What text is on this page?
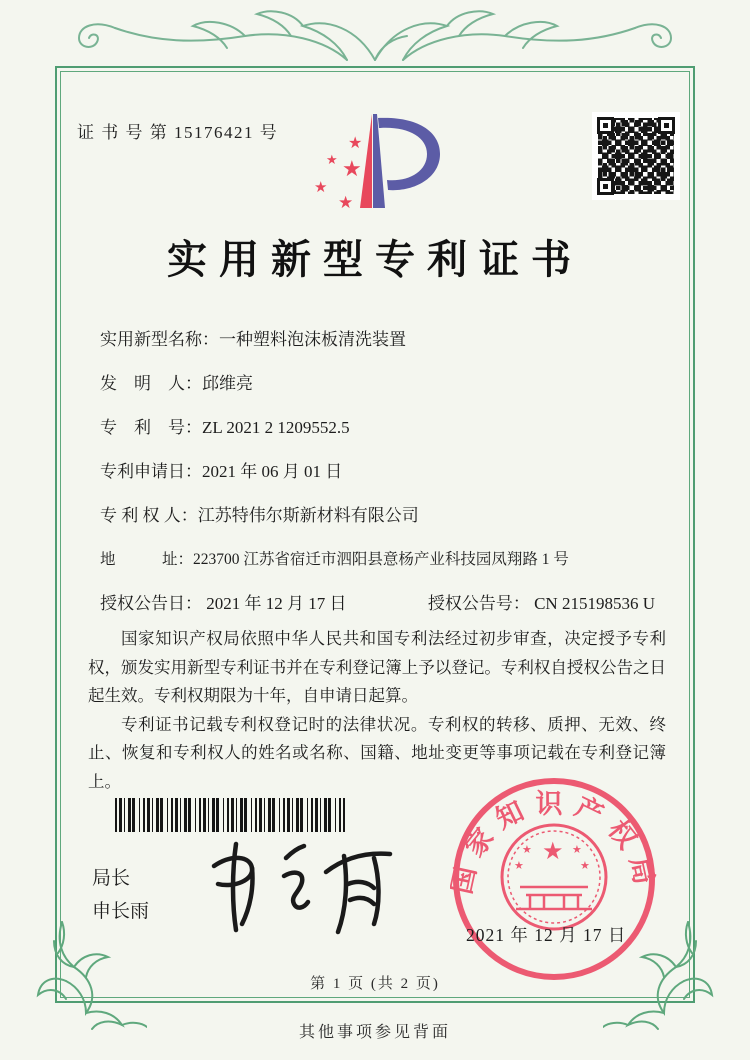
证 书 号 第 15176421 号
★
★ ★
★
★
实用新型专利证书
实用新型名称： 一种塑料泡沫板清洗装置
发　明　人： 邱维亮
专　利　号： ZL 2021 2 1209552.5
专利申请日： 2021 年 06 月 01 日
专 利 权 人： 江苏特伟尔斯新材料有限公司
地　　　址： 223700 江苏省宿迁市泗阳县意杨产业科技园凤翔路 1 号
授权公告日： 2021 年 12 月 17 日	授权公告号： CN 215198536 U

国家知识产权局依照中华人民共和国专利法经过初步审查，决定授予专利权，颁发实用新型专利证书并在专利登记簿上予以登记。专利权自授权公告之日起生效。专利权期限为十年，自申请日起算。

专利证书记载专利权登记时的法律状况。专利权的转移、质押、无效、终止、恢复和专利权人的姓名或名称、国籍、地址变更等事项记载在专利登记簿上。

局长
申长雨
国家知识产权局
★
★	★
★	★
2021 年 12 月 17 日
第 1 页 (共 2 页)
其他事项参见背面
